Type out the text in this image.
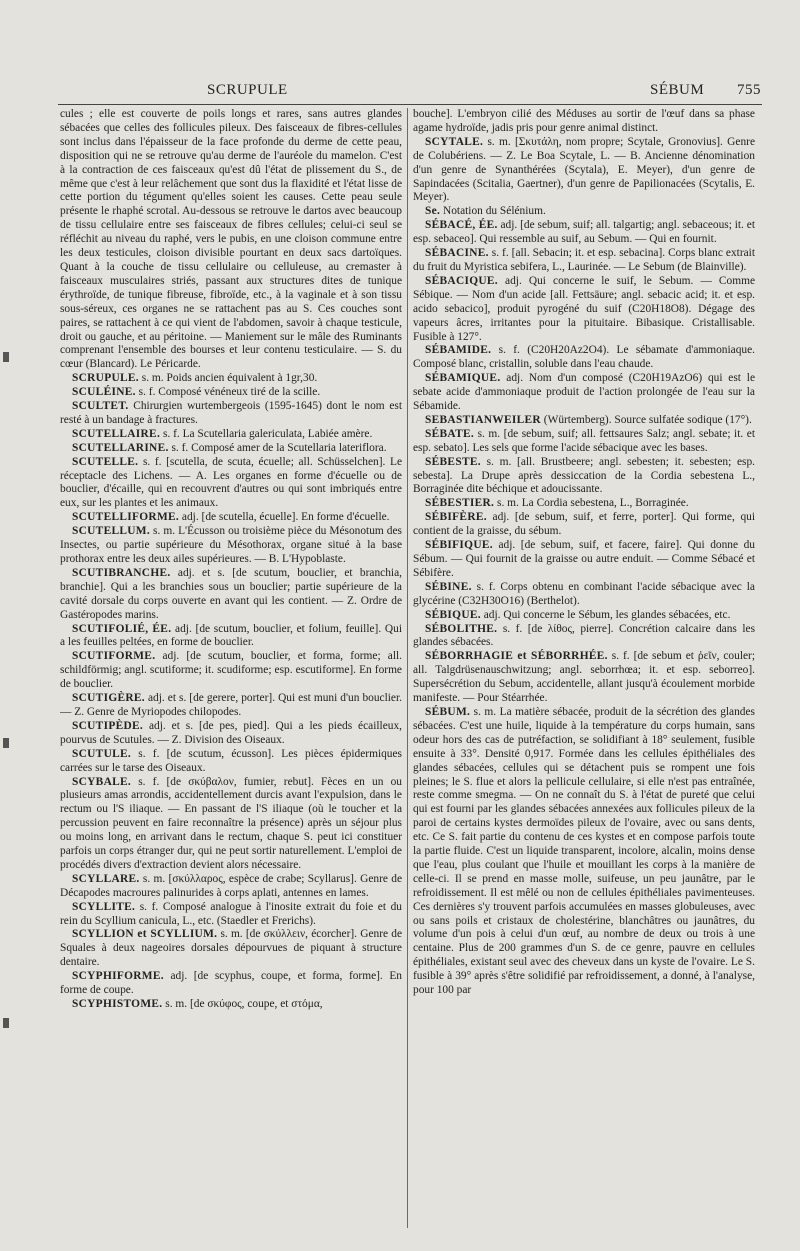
SCRUPULE	SÉBUM 755

cules ; elle est couverte de poils longs et rares, sans autres glandes sébacées que celles des follicules pileux. Des faisceaux de fibres-cellules sont inclus dans l'épaisseur de la face profonde du derme de cette peau, disposition qui ne se retrouve qu'au derme de l'auréole du mamelon. C'est à la contraction de ces faisceaux qu'est dû l'état de plissement du S., de même que c'est à leur relâchement que sont dus la flaxidité et l'état lisse de cette portion du tégument qu'elles soient les causes. Cette peau seule présente le rhaphé scrotal. Au-dessous se retrouve le dartos avec beaucoup de tissu cellulaire entre ses faisceaux de fibres cellules; celui-ci seul se réfléchit au niveau du raphé, vers le pubis, en une cloison commune entre les deux testicules, cloison divisible pourtant en deux sacs dartoïques. Quant à la couche de tissu cellulaire ou celluleuse, au cremaster à faisceaux musculaires striés, passant aux structures dites de tunique érythroïde, de tunique fibreuse, fibroïde, etc., à la vaginale et à son tissu sous-séreux, ces organes ne se rattachent pas au S. Ces couches sont paires, se rattachent à ce qui vient de l'abdomen, savoir à chaque testicule, droit ou gauche, et au péritoine. — Maniement sur le mâle des Ruminants comprenant l'ensemble des bourses et leur contenu testiculaire. — S. du cœur (Blancard). Le Péricarde.

SCRUPULE. s. m. Poids ancien équivalent à 1gr,30.

SCULÉINE. s. f. Composé vénéneux tiré de la scille.

SCULTET. Chirurgien wurtembergeois (1595-1645) dont le nom est resté à un bandage à fractures.

SCUTELLAIRE. s. f. La Scutellaria galericulata, Labiée amère.

SCUTELLARINE. s. f. Composé amer de la Scutellaria lateriflora.

SCUTELLE. s. f. [scutella, de scuta, écuelle; all. Schüsselchen]. Le réceptacle des Lichens. — A. Les organes en forme d'écuelle ou de bouclier, d'écaille, qui en recouvrent d'autres ou qui sont imbriqués entre eux, sur les plantes et les animaux.

SCUTELLIFORME. adj. [de scutella, écuelle]. En forme d'écuelle.

SCUTELLUM. s. m. L'Écusson ou troisième pièce du Mésonotum des Insectes, ou partie supérieure du Mésothorax, organe situé à la base prothorax entre les deux ailes supérieures. — B. L'Hypoblaste.

SCUTIBRANCHE. adj. et s. [de scutum, bouclier, et branchia, branchie]. Qui a les branchies sous un bouclier; partie supérieure de la cavité dorsale du corps ouverte en avant qui les contient. — Z. Ordre de Gastéropodes marins.

SCUTIFOLIÉ, ÉE. adj. [de scutum, bouclier, et folium, feuille]. Qui a les feuilles peltées, en forme de bouclier.

SCUTIFORME. adj. [de scutum, bouclier, et forma, forme; all. schildförmig; angl. scutiforme; it. scudiforme; esp. escutiforme]. En forme de bouclier.

SCUTIGÈRE. adj. et s. [de gerere, porter]. Qui est muni d'un bouclier. — Z. Genre de Myriopodes chilopodes.

SCUTIPÈDE. adj. et s. [de pes, pied]. Qui a les pieds écailleux, pourvus de Scutules. — Z. Division des Oiseaux.

SCUTULE. s. f. [de scutum, écusson]. Les pièces épidermiques carrées sur le tarse des Oiseaux.

SCYBALE. s. f. [de σκύβαλον, fumier, rebut]. Fèces en un ou plusieurs amas arrondis, accidentellement durcis avant l'expulsion, dans le rectum ou l'S iliaque. — En passant de l'S iliaque (où le toucher et la percussion peuvent en faire reconnaître la présence) après un séjour plus ou moins long, en arrivant dans le rectum, chaque S. peut ici constituer parfois un corps étranger dur, qui ne peut sortir naturellement. L'emploi de procédés divers d'extraction devient alors nécessaire.

SCYLLARE. s. m. [σκύλλαρος, espèce de crabe; Scyllarus]. Genre de Décapodes macroures palinurides à corps aplati, antennes en lames.

SCYLLITE. s. f. Composé analogue à l'inosite extrait du foie et du rein du Scyllium canicula, L., etc. (Staedler et Frerichs).

SCYLLION et SCYLLIUM. s. m. [de σκύλλειν, écorcher]. Genre de Squales à deux nageoires dorsales dépourvues de piquant à structure dentaire.

SCYPHIFORME. adj. [de scyphus, coupe, et forma, forme]. En forme de coupe.

SCYPHISTOME. s. m. [de σκύφος, coupe, et στόμα,

bouche]. L'embryon cilié des Méduses au sortir de l'œuf dans sa phase agame hydroïde, jadis pris pour genre animal distinct.

SCYTALE. s. m. [Σκυτάλη, nom propre; Scytale, Gronovius]. Genre de Colubériens. — Z. Le Boa Scytale, L. — B. Ancienne dénomination d'un genre de Synanthérées (Scytala), E. Meyer), d'un genre de Sapindacées (Scitalia, Gaertner), d'un genre de Papilionacées (Scytalis, E. Meyer).

Se. Notation du Sélénium.

SÉBACÉ, ÉE. adj. [de sebum, suif; all. talgartig; angl. sebaceous; it. et esp. sebaceo]. Qui ressemble au suif, au Sebum. — Qui en fournit.

SÉBACINE. s. f. [all. Sebacin; it. et esp. sebacina]. Corps blanc extrait du fruit du Myristica sebifera, L., Laurinée. — Le Sebum (de Blainville).

SÉBACIQUE. adj. Qui concerne le suif, le Sebum. — Comme Sébique. — Nom d'un acide [all. Fettsäure; angl. sebacic acid; it. et esp. acido sebacico], produit pyrogéné du suif (C20H18O8). Dégage des vapeurs âcres, irritantes pour la pituitaire. Bibasique. Cristallisable. Fusible à 127°.

SÉBAMIDE. s. f. (C20H20Az2O4). Le sébamate d'ammoniaque. Composé blanc, cristallin, soluble dans l'eau chaude.

SÉBAMIQUE. adj. Nom d'un composé (C20H19AzO6) qui est le sebate acide d'ammoniaque produit de l'action prolongée de l'eau sur la Sébamide.

SEBASTIANWEILER (Würtemberg). Source sulfatée sodique (17°).

SÉBATE. s. m. [de sebum, suif; all. fettsaures Salz; angl. sebate; it. et esp. sebato]. Les sels que forme l'acide sébacique avec les bases.

SÉBESTE. s. m. [all. Brustbeere; angl. sebesten; it. sebesten; esp. sebesta]. La Drupe après dessiccation de la Cordia sebestena L., Borraginée dite béchique et adoucissante.

SÉBESTIER. s. m. La Cordia sebestena, L., Borraginée.

SÉBIFÈRE. adj. [de sebum, suif, et ferre, porter]. Qui forme, qui contient de la graisse, du sébum.

SÉBIFIQUE. adj. [de sebum, suif, et facere, faire]. Qui donne du Sébum. — Qui fournit de la graisse ou autre enduit. — Comme Sébacé et Sébifère.

SÉBINE. s. f. Corps obtenu en combinant l'acide sébacique avec la glycérine (C32H30O16) (Berthelot).

SÉBIQUE. adj. Qui concerne le Sébum, les glandes sébacées, etc.

SÉBOLITHE. s. f. [de λίθος, pierre]. Concrétion calcaire dans les glandes sébacées.

SÉBORRHAGIE et SÉBORRHÉE. s. f. [de sebum et ῥεῖν, couler; all. Talgdrüsenauschwitzung; angl. seborrhœa; it. et esp. seborreo]. Supersécrétion du Sebum, accidentelle, allant jusqu'à écoulement morbide manifeste. — Pour Stéarrhée.

SÉBUM. s. m. La matière sébacée, produit de la sécrétion des glandes sébacées. C'est une huile, liquide à la température du corps humain, sans odeur hors des cas de putréfaction, se solidifiant à 18° seulement, fusible ensuite à 33°. Densité 0,917. Formée dans les cellules épithéliales des glandes sébacées, cellules qui se détachent puis se rompent une fois pleines; le S. flue et alors la pellicule cellulaire, si elle n'est pas entraînée, reste comme smegma. — On ne connaît du S. à l'état de pureté que celui qui est fourni par les glandes sébacées annexées aux follicules pileux de la paroi de certains kystes dermoïdes pileux de l'ovaire, avec ou sans dents, etc. Ce S. fait partie du contenu de ces kystes et en compose parfois toute la partie fluide. C'est un liquide transparent, incolore, alcalin, moins dense que l'eau, plus coulant que l'huile et mouillant les corps à la manière de celle-ci. Il se prend en masse molle, suifeuse, un peu jaunâtre, par le refroidissement. Il est mêlé ou non de cellules épithéliales pavimenteuses. Ces dernières s'y trouvent parfois accumulées en masses globuleuses, avec ou sans poils et cristaux de cholestérine, blanchâtres ou jaunâtres, du volume d'un pois à celui d'un œuf, au nombre de deux ou trois à une centaine. Plus de 200 grammes d'un S. de ce genre, pauvre en cellules épithéliales, existant seul avec des cheveux dans un kyste de l'ovaire. Le S. fusible à 39° après s'être solidifié par refroidissement, a donné, à l'analyse, pour 100 par
